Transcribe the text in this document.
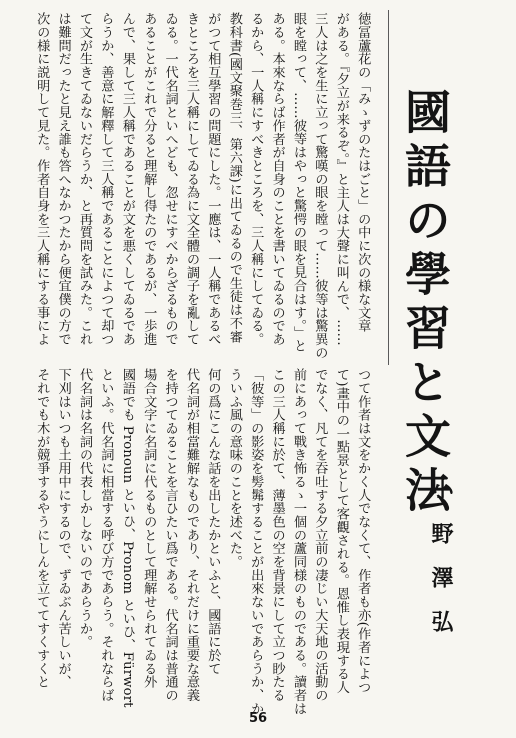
徳冨蘆花の「みゝずのたはごと」の中に次の様な文章
がある。『夕立が来るぞ。』と主人は大聲に叫んで、……
三人は之を生に立って驚嘆の眼を瞠って……彼等は驚異の
眼を瞠って、……彼等はやっと驚愕の眼を見合はす。」と
ある。本來ならば作者が自身のことを書いてゐるのであ
るから、一人稱にすべきところを、三人稱にしてゐる。
教科書(國文聚巻三、第六課)に出てゐるので生徒は不審
がつて相互學習の問題にした。一應は、一人稱であるべ
きところを三人稱にしてゐる為に文全體の調子を亂して
ゐる。一代名詞といへども、忽せにすべからざるもので
あることがこれで分ると理解し得たのであるが、一歩進
んで、果して三人稱であることが文を悪くしてゐるであ
らうか、善意に解釋して三人稱であることによつて却つ
て文が生きてゐないだらうか、と再質問を試みた。これ
は難問だったと見え誰も答へなかつたから便宜僕の方で
次の様に説明して見た。作者自身を三人稱にする事によ	國語の學習と文法
小野澤弘
つて作者は文をかく人でなくて、作者も亦(作者によつ
て)畫中の一點景として客觀される。恩惟し表現する人
でなく、凡てを吞吐する夕立前の凄じい大天地の活動の
前にあって戰き怖るゝ一個の蘆同様のものである。讀者は
この三人稱に於て、薄墨色の空を背景にして立つ眇たる
「彼等」の影姿を髣髴することが出來ないであらうか、か
ういふ風の意味のことを述べた。
何の爲にこんな話を出したかといふと、國語に於て
代名詞が相當難解なものであり、それだけに重要な意義
を持つてゐることを言ひたい爲である。代名詞は普通の
場合文字に名詞に代るものとして理解せられてゐる外
國語でも Pronoun といひ、Pronom といひ、Fürwort
といふ。代名詞に相當する呼び方であらう。それならば
代名詞は名詞の代表しかしないのであらうか。
下刈はいつも土用中にするので、ずゐぶん苦しいが、
それでも木が競爭するやうにしんを立ててすくすくと
56
